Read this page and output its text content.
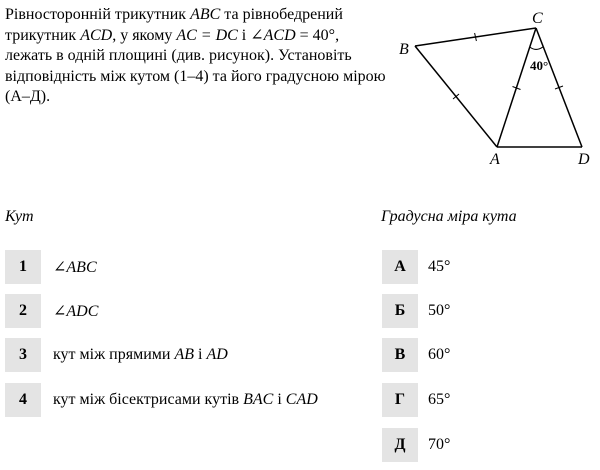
Рівносторонній трикутник ABC та рівнобедрений трикутник ACD, у якому AC = DC і ∠ACD = 40°, лежать в одній площині (див. рисунок). Установіть відповідність між кутом (1–4) та його градусною мірою (А–Д).

40°
B
C
A	D
Кут	Градусна міра кута
1	∠ABC
2	∠ADC
3	кут між прямими AB і AD
4	кут між бісектрисами кутів BAC і CAD
А	45°
Б	50°
В	60°
Г	65°
Д	70°
